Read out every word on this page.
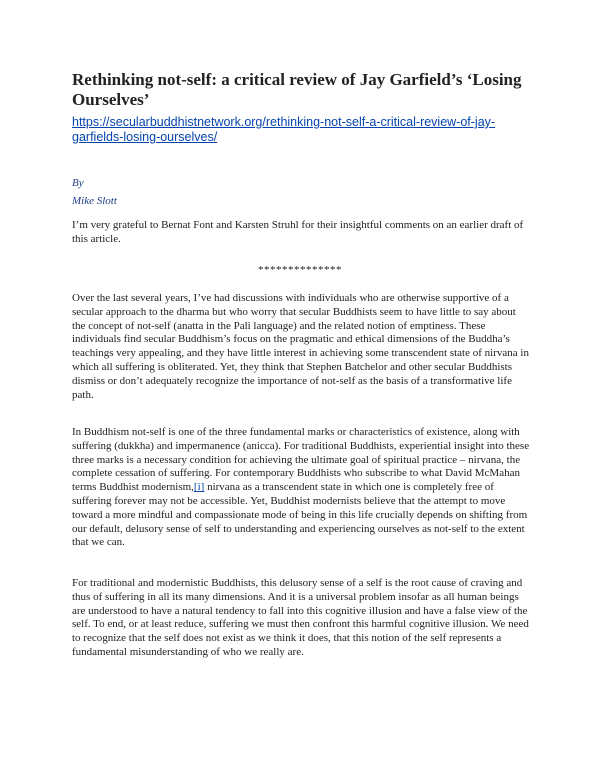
Rethinking not-self: a critical review of Jay Garfield’s ‘Losing Ourselves’
https://secularbuddhistnetwork.org/rethinking-not-self-a-critical-review-of-jay-garfields-losing-ourselves/
By
Mike Slott

I’m very grateful to Bernat Font and Karsten Struhl for their insightful comments on an earlier draft of this article.

**************

Over the last several years, I’ve had discussions with individuals who are otherwise supportive of a secular approach to the dharma but who worry that secular Buddhists seem to have little to say about the concept of not-self (anatta in the Pali language) and the related notion of emptiness. These individuals find secular Buddhism’s focus on the pragmatic and ethical dimensions of the Buddha’s teachings very appealing, and they have little interest in achieving some transcendent state of nirvana in which all suffering is obliterated. Yet, they think that Stephen Batchelor and other secular Buddhists dismiss or don’t adequately recognize the importance of not-self as the basis of a transformative life path.

In Buddhism not-self is one of the three fundamental marks or characteristics of existence, along with suffering (dukkha) and impermanence (anicca). For traditional Buddhists, experiential insight into these three marks is a necessary condition for achieving the ultimate goal of spiritual practice – nirvana, the complete cessation of suffering. For contemporary Buddhists who subscribe to what David McMahan terms Buddhist modernism,[i] nirvana as a transcendent state in which one is completely free of suffering forever may not be accessible. Yet, Buddhist modernists believe that the attempt to move toward a more mindful and compassionate mode of being in this life crucially depends on shifting from our default, delusory sense of self to understanding and experiencing ourselves as not-self to the extent that we can.

For traditional and modernistic Buddhists, this delusory sense of a self is the root cause of craving and thus of suffering in all its many dimensions. And it is a universal problem insofar as all human beings are understood to have a natural tendency to fall into this cognitive illusion and have a false view of the self. To end, or at least reduce, suffering we must then confront this harmful cognitive illusion. We need to recognize that the self does not exist as we think it does, that this notion of the self represents a fundamental misunderstanding of who we really are.
